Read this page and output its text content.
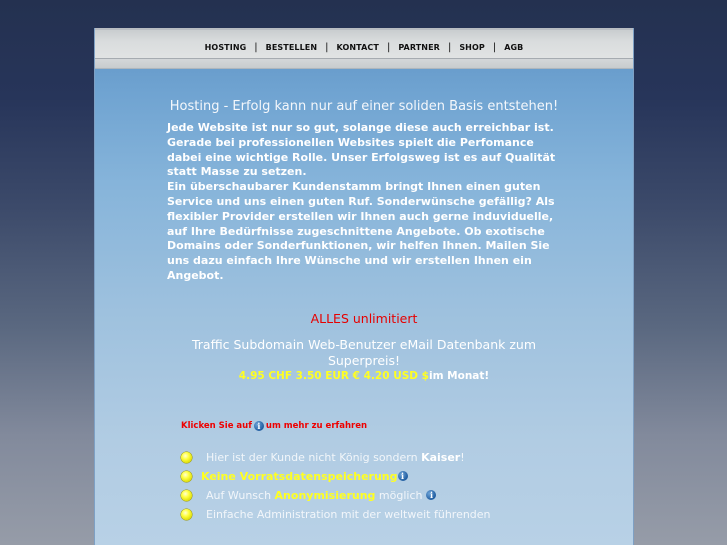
HOSTING | BESTELLEN | KONTACT | PARTNER | SHOP | AGB
Hosting - Erfolg kann nur auf einer soliden Basis entstehen!
Jede Website ist nur so gut, solange diese auch erreichbar ist. Gerade bei professionellen Websites spielt die Perfomance dabei eine wichtige Rolle. Unser Erfolgsweg ist es auf Qualität statt Masse zu setzen.
Ein überschaubarer Kundenstamm bringt Ihnen einen guten Service und uns einen guten Ruf. Sonderwünsche gefällig? Als flexibler Provider erstellen wir Ihnen auch gerne induviduelle, auf Ihre Bedürfnisse zugeschnittene Angebote. Ob exotische Domains oder Sonderfunktionen, wir helfen Ihnen. Mailen Sie uns dazu einfach Ihre Wünsche und wir erstellen Ihnen ein Angebot.
ALLES unlimitiert
Traffic Subdomain Web-Benutzer eMail Datenbank zum Superpreis!
4.95 CHF 3.50 EUR € 4.20 USD $im Monat!
Klicken Sie auf i um mehr zu erfahren
Hier ist der Kunde nicht König sondern Kaiser!
Keine Vorratsdatenspeicherung i
Auf Wunsch Anonymisierung möglich i
Einfache Administration mit der weltweit führenden
